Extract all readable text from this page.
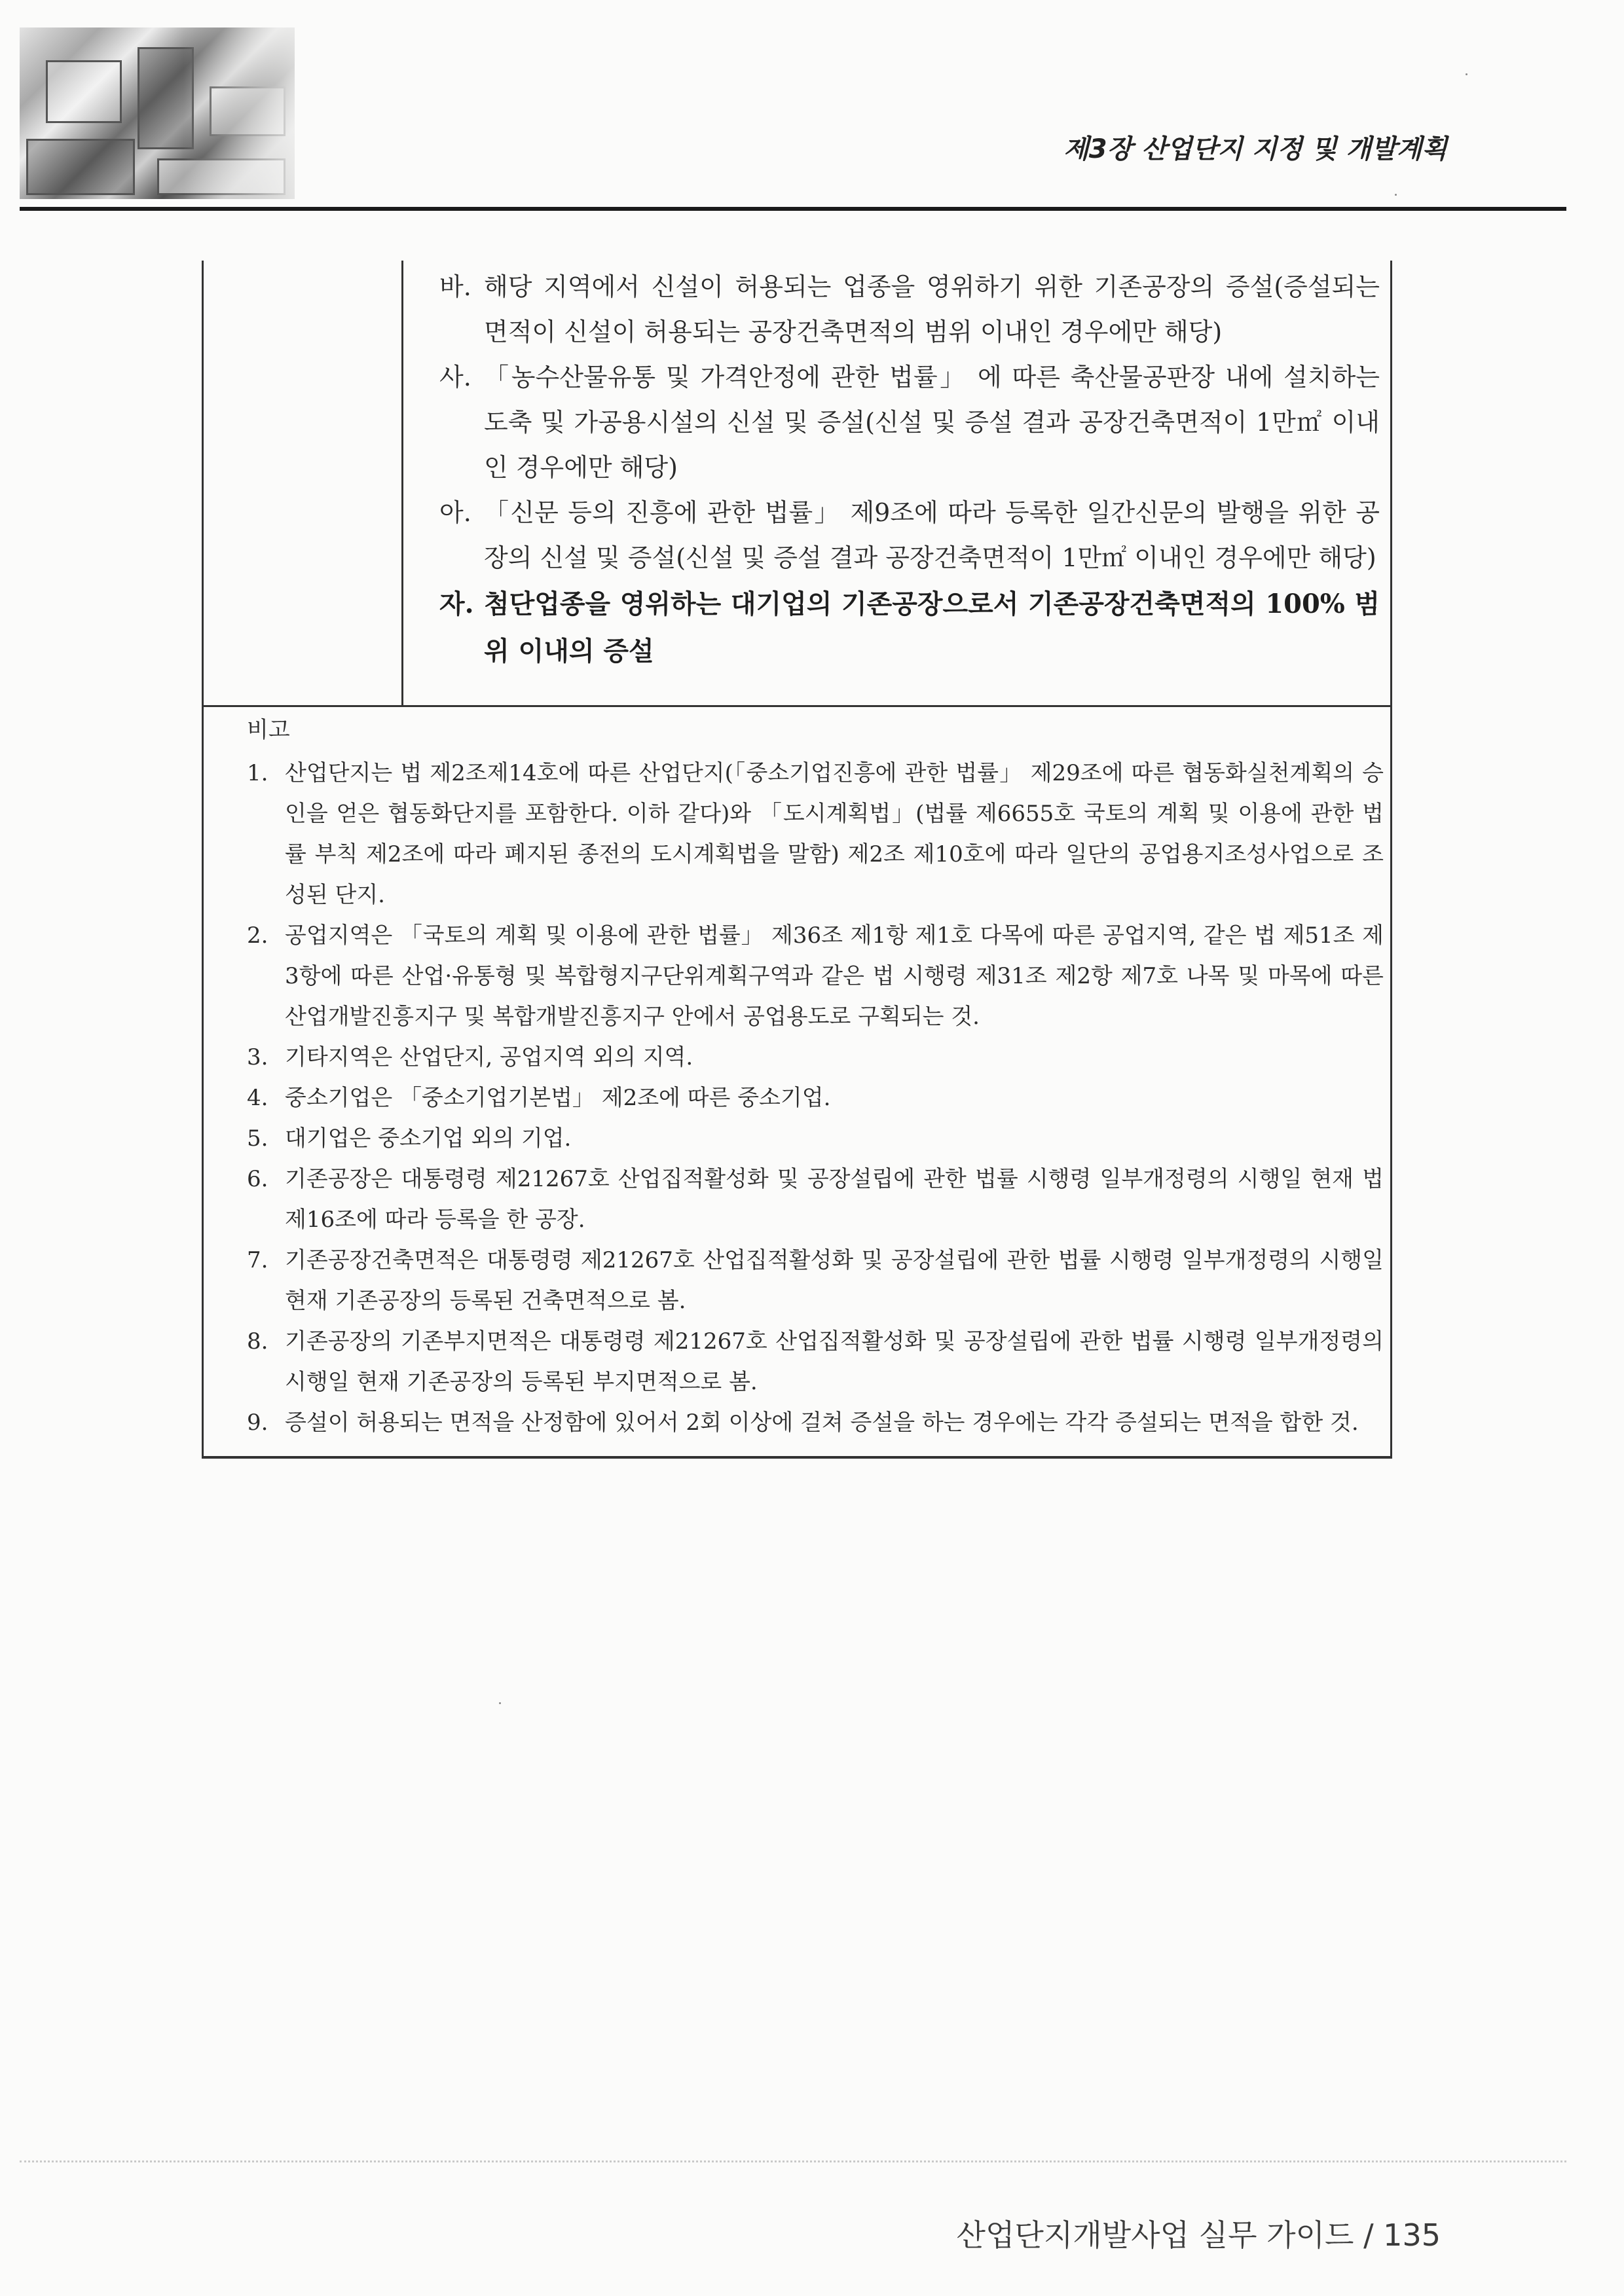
제3장 산업단지 지정 및 개발계획
바. 해당 지역에서 신설이 허용되는 업종을 영위하기 위한 기존공장의 증설(증설되는 면적이 신설이 허용되는 공장건축면적의 범위 이내인 경우에만 해당)
사. 「농수산물유통 및 가격안정에 관한 법률」 에 따른 축산물공판장 내에 설치하는 도축 및 가공용시설의 신설 및 증설(신설 및 증설 결과 공장건축면적이 1만㎡ 이내인 경우에만 해당)
아. 「신문 등의 진흥에 관한 법률」 제9조에 따라 등록한 일간신문의 발행을 위한 공장의 신설 및 증설(신설 및 증설 결과 공장건축면적이 1만㎡ 이내인 경우에만 해당)
자. 첨단업종을 영위하는 대기업의 기존공장으로서 기존공장건축면적의 100% 범위 이내의 증설
비고
1. 산업단지는 법 제2조제14호에 따른 산업단지(「중소기업진흥에 관한 법률」 제29조에 따른 협동화실천계획의 승인을 얻은 협동화단지를 포함한다. 이하 같다)와 「도시계획법」(법률 제6655호 국토의 계획 및 이용에 관한 법률 부칙 제2조에 따라 폐지된 종전의 도시계획법을 말함) 제2조 제10호에 따라 일단의 공업용지조성사업으로 조성된 단지.
2. 공업지역은 「국토의 계획 및 이용에 관한 법률」 제36조 제1항 제1호 다목에 따른 공업지역, 같은 법 제51조 제3항에 따른 산업·유통형 및 복합형지구단위계획구역과 같은 법 시행령 제31조 제2항 제7호 나목 및 마목에 따른 산업개발진흥지구 및 복합개발진흥지구 안에서 공업용도로 구획되는 것.
3. 기타지역은 산업단지, 공업지역 외의 지역.
4. 중소기업은 「중소기업기본법」 제2조에 따른 중소기업.
5. 대기업은 중소기업 외의 기업.
6. 기존공장은 대통령령 제21267호 산업집적활성화 및 공장설립에 관한 법률 시행령 일부개정령의 시행일 현재 법 제16조에 따라 등록을 한 공장.
7. 기존공장건축면적은 대통령령 제21267호 산업집적활성화 및 공장설립에 관한 법률 시행령 일부개정령의 시행일 현재 기존공장의 등록된 건축면적으로 봄.
8. 기존공장의 기존부지면적은 대통령령 제21267호 산업집적활성화 및 공장설립에 관한 법률 시행령 일부개정령의 시행일 현재 기존공장의 등록된 부지면적으로 봄.
9. 증설이 허용되는 면적을 산정함에 있어서 2회 이상에 걸쳐 증설을 하는 경우에는 각각 증설되는 면적을 합한 것.
산업단지개발사업 실무 가이드 / 135
